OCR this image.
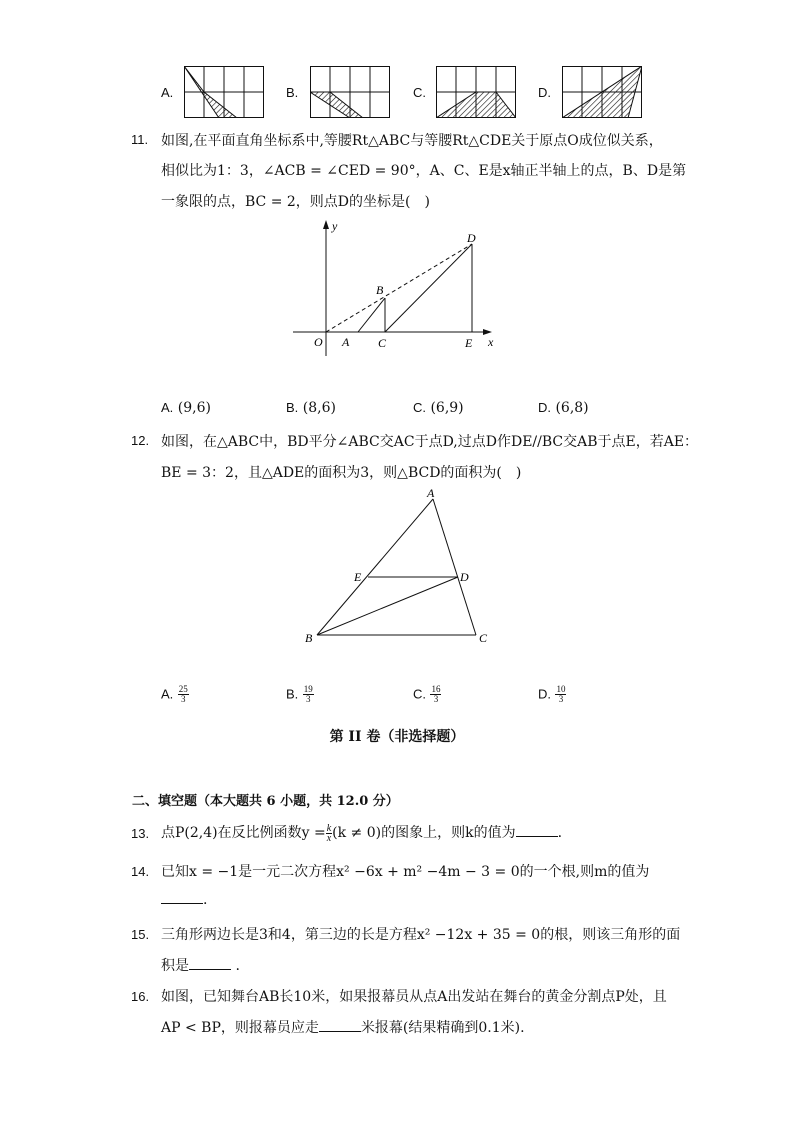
A.	B.	C.	D.
11. 如图,在平面直角坐标系中,等腰Rt△ABC与等腰Rt△CDE关于原点O成位似关系，
相似比为1：3，∠ACB = ∠CED = 90°，A、C、E是x轴正半轴上的点，B、D是第
一象限的点，BC = 2，则点D的坐标是(　)
y
x
O A
B
C
D
E
A. (9,6)	B. (8,6)	C. (6,9)	D. (6,8)
12. 如图，在△ABC中，BD平分∠ABC交AC于点D,过点D作DE//BC交AB于点E，若AE：
BE = 3：2，且△ADE的面积为3，则△BCD的面积为(　)
A
E	D
B	C
A. $\frac{25}{3}$	B. $\frac{19}{3}$	C. $\frac{16}{3}$	D. $\frac{10}{3}$
第 II 卷（非选择题）
二、填空题（本大题共 6 小题，共 12.0 分）
13. 点P(2,4)在反比例函数$y = \frac{k}{x} (k \ne 0)$的图象上，则k的值为	.
14. 已知x = −1是一元二次方程x² −6x + m² −4m − 3 = 0的一个根,则m的值为
.
15. 三角形两边长是3和4，第三边的长是方程x² −12x + 35 = 0的根，则该三角形的面
积是	.
16. 如图，已知舞台AB长10米，如果报幕员从点A出发站在舞台的黄金分割点P处，且
AP < BP，则报幕员应走	米报幕(结果精确到0.1米).
